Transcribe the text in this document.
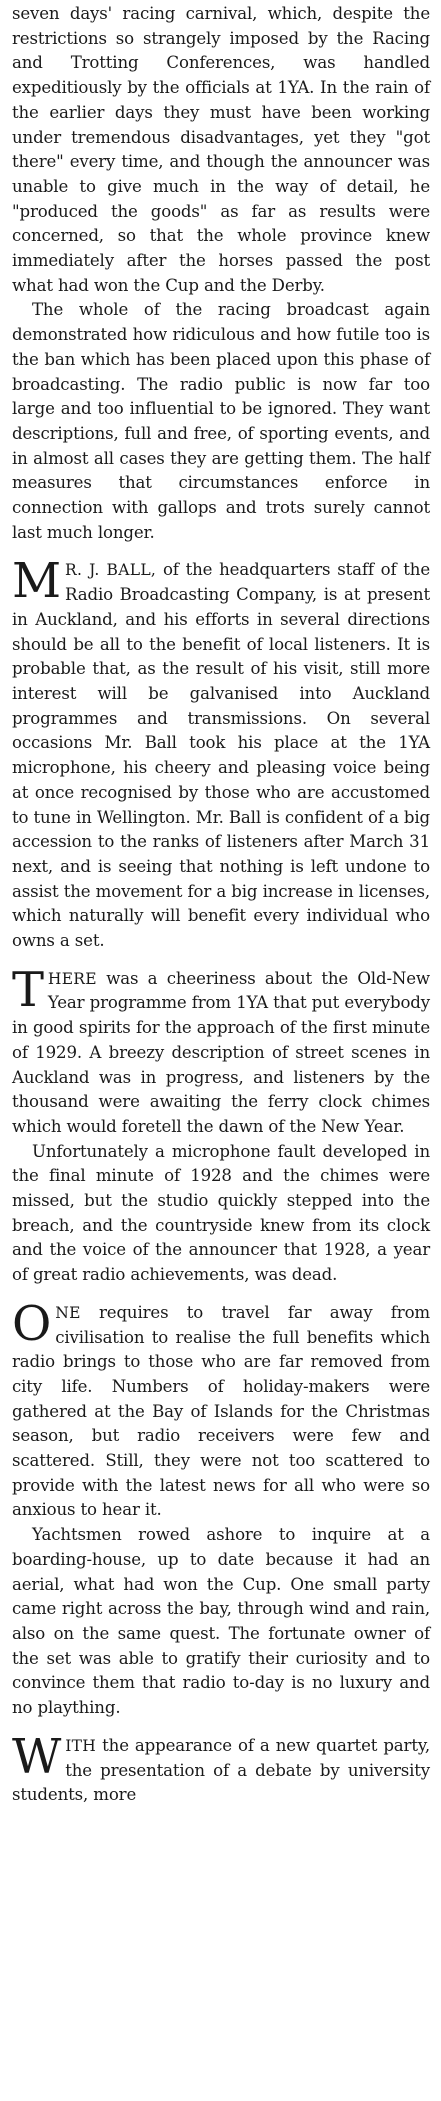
seven days' racing carnival, which, despite the restrictions so strangely imposed by the Racing and Trotting Conferences, was handled expeditiously by the officials at 1YA. In the rain of the earlier days they must have been working under tremendous disadvantages, yet they "got there" every time, and though the announcer was unable to give much in the way of detail, he "produced the goods" as far as results were concerned, so that the whole province knew immediately after the horses passed the post what had won the Cup and the Derby.

The whole of the racing broadcast again demonstrated how ridiculous and how futile too is the ban which has been placed upon this phase of broadcasting. The radio public is now far too large and too influential to be ignored. They want descriptions, full and free, of sporting events, and in almost all cases they are getting them. The half measures that circumstances enforce in connection with gallops and trots surely cannot last much longer.

M R. J. BALL, of the headquarters staff of the Radio Broadcasting Company, is at present in Auckland, and his efforts in several directions should be all to the benefit of local listeners. It is probable that, as the result of his visit, still more interest will be galvanised into Auckland programmes and transmissions. On several occasions Mr. Ball took his place at the 1YA microphone, his cheery and pleasing voice being at once recognised by those who are accustomed to tune in Wellington. Mr. Ball is confident of a big accession to the ranks of listeners after March 31 next, and is seeing that nothing is left undone to assist the movement for a big increase in licenses, which naturally will benefit every individual who owns a set.

THERE was a cheeriness about the Old-New Year programme from 1YA that put everybody in good spirits for the approach of the first minute of 1929. A breezy description of street scenes in Auckland was in progress, and listeners by the thousand were awaiting the ferry clock chimes which would foretell the dawn of the New Year.

Unfortunately a microphone fault developed in the final minute of 1928 and the chimes were missed, but the studio quickly stepped into the breach, and the countryside knew from its clock and the voice of the announcer that 1928, a year of great radio achievements, was dead.

ONE requires to travel far away from civilisation to realise the full benefits which radio brings to those who are far removed from city life. Numbers of holiday-makers were gathered at the Bay of Islands for the Christmas season, but radio receivers were few and scattered. Still, they were not too scattered to provide with the latest news for all who were so anxious to hear it.

Yachtsmen rowed ashore to inquire at a boarding-house, up to date because it had an aerial, what had won the Cup. One small party came right across the bay, through wind and rain, also on the same quest. The fortunate owner of the set was able to gratify their curiosity and to convince them that radio to-day is no luxury and no plaything.

WITH the appearance of a new quartet party, the presentation of a debate by university students, more
